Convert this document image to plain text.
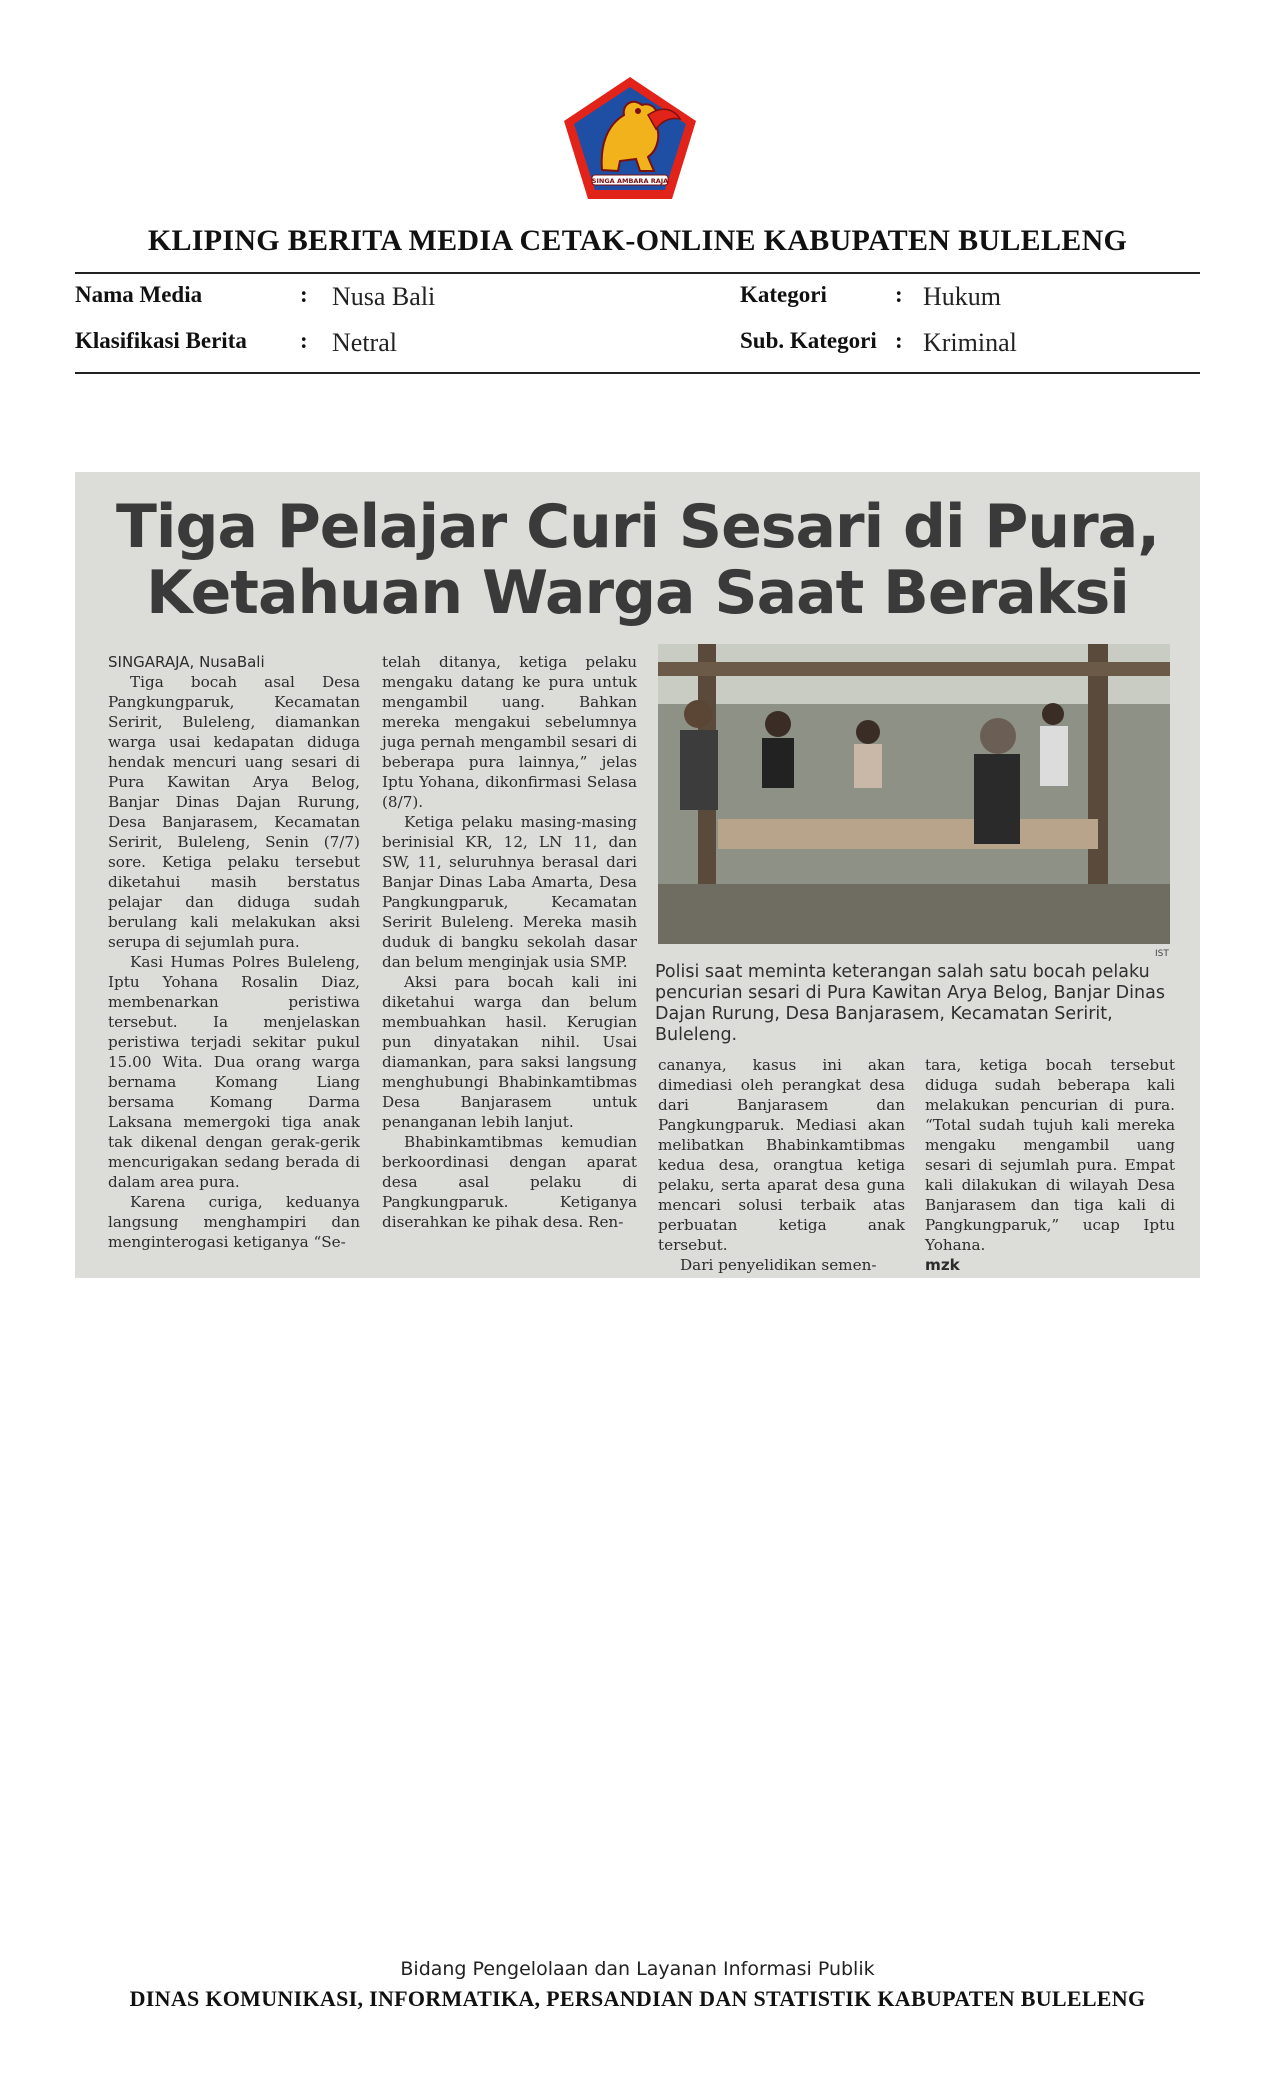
SINGA AMBARA RAJA
KLIPING BERITA MEDIA CETAK-ONLINE KABUPATEN BULELENG
Nama Media	: Nusa Bali
Klasifikasi Berita : Netral
Kategori	: Hukum
Sub. Kategori : Kriminal
Tiga Pelajar Curi Sesari di Pura,
Ketahuan Warga Saat Beraksi
SINGARAJA, NusaBali

Tiga bocah asal Desa Pangkungparuk, Kecamatan Seririt, Buleleng, diamankan warga usai kedapatan diduga hendak mencuri uang sesari di Pura Kawitan Arya Belog, Banjar Dinas Dajan Rurung, Desa Banjarasem, Kecamatan Seririt, Buleleng, Senin (7/7) sore. Ketiga pelaku tersebut diketahui masih berstatus pelajar dan diduga sudah berulang kali melakukan aksi serupa di sejumlah pura.

Kasi Humas Polres Buleleng, Iptu Yohana Rosalin Diaz, membenarkan peristiwa tersebut. Ia menjelaskan peristiwa terjadi sekitar pukul 15.00 Wita. Dua orang warga bernama Komang Liang bersama Komang Darma Laksana memergoki tiga anak tak dikenal dengan gerak-gerik mencurigakan sedang berada di dalam area pura.

Karena curiga, keduanya langsung menghampiri dan menginterogasi ketiganya “Se-

telah ditanya, ketiga pelaku mengaku datang ke pura untuk mengambil uang. Bahkan mereka mengakui sebelumnya juga pernah mengambil sesari di beberapa pura lainnya,” jelas Iptu Yohana, dikonfirmasi Selasa (8/7).

Ketiga pelaku masing-masing berinisial KR, 12, LN 11, dan SW, 11, seluruhnya berasal dari Banjar Dinas Laba Amarta, Desa Pangkungparuk, Kecamatan Seririt Buleleng. Mereka masih duduk di bangku sekolah dasar dan belum menginjak usia SMP.

Aksi para bocah kali ini diketahui warga dan belum membuahkan hasil. Kerugian pun dinyatakan nihil. Usai diamankan, para saksi langsung menghubungi Bhabinkamtibmas Desa Banjarasem untuk penanganan lebih lanjut.

Bhabinkamtibmas kemudian berkoordinasi dengan aparat desa asal pelaku di Pangkungparuk. Ketiganya diserahkan ke pihak desa. Ren-

IST
Polisi saat meminta keterangan salah satu bocah pelaku pencurian sesari di Pura Kawitan Arya Belog, Banjar Dinas Dajan Rurung, Desa Banjarasem, Kecamatan Seririt, Buleleng.

cananya, kasus ini akan dimediasi oleh perangkat desa dari Banjarasem dan Pangkungparuk. Mediasi akan melibatkan Bhabinkamtibmas kedua desa, orangtua ketiga pelaku, serta aparat desa guna mencari solusi terbaik atas perbuatan ketiga anak tersebut.

Dari penyelidikan semen-

tara, ketiga bocah tersebut diduga sudah beberapa kali melakukan pencurian di pura. “Total sudah tujuh kali mereka mengaku mengambil uang sesari di sejumlah pura. Empat kali dilakukan di wilayah Desa Banjarasem dan tiga kali di Pangkungparuk,” ucap Iptu Yohana.

mzk
Bidang Pengelolaan dan Layanan Informasi Publik
DINAS KOMUNIKASI, INFORMATIKA, PERSANDIAN DAN STATISTIK KABUPATEN BULELENG
